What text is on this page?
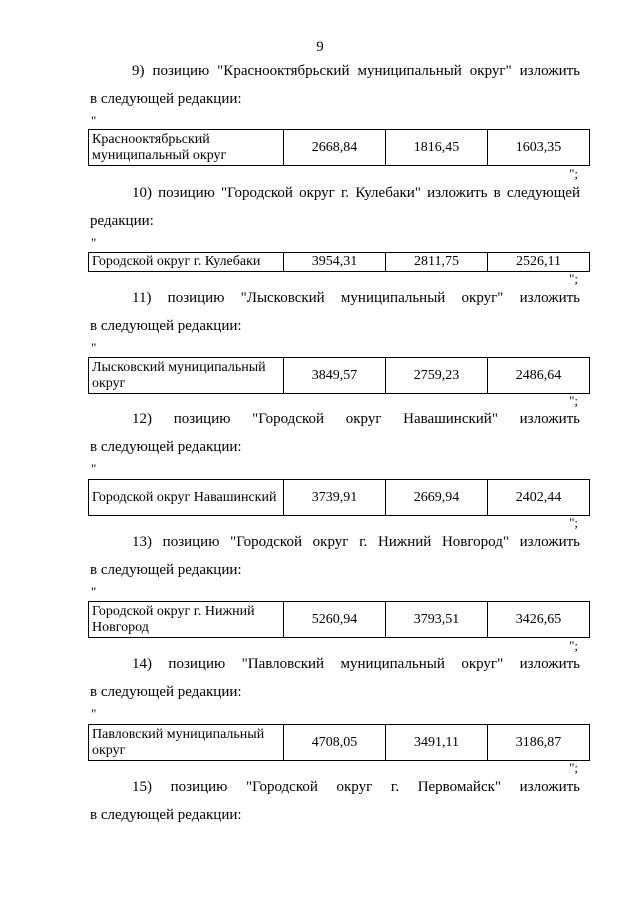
9
9) позицию "Краснооктябрьский муниципальный округ" изложить
в следующей редакции:
"
Краснооктябрьский муниципальный округ	2668,84	1816,45	1603,35
";
10) позицию "Городской округ г. Кулебаки" изложить в следующей
редакции:
"
Городской округ г. Кулебаки	3954,31	2811,75	2526,11
";
11) позицию "Лысковский муниципальный округ" изложить
в следующей редакции:
"
Лысковский муниципальный округ	3849,57	2759,23	2486,64
";
12) позицию "Городской округ Навашинский" изложить
в следующей редакции:
"
Городской округ Навашинский	3739,91	2669,94	2402,44
";
13) позицию "Городской округ г. Нижний Новгород" изложить
в следующей редакции:
"
Городской округ г. Нижний Новгород	5260,94	3793,51	3426,65
";
14) позицию "Павловский муниципальный округ" изложить
в следующей редакции:
"
Павловский муниципальный округ	4708,05	3491,11	3186,87
";
15) позицию "Городской округ г. Первомайск" изложить
в следующей редакции:
